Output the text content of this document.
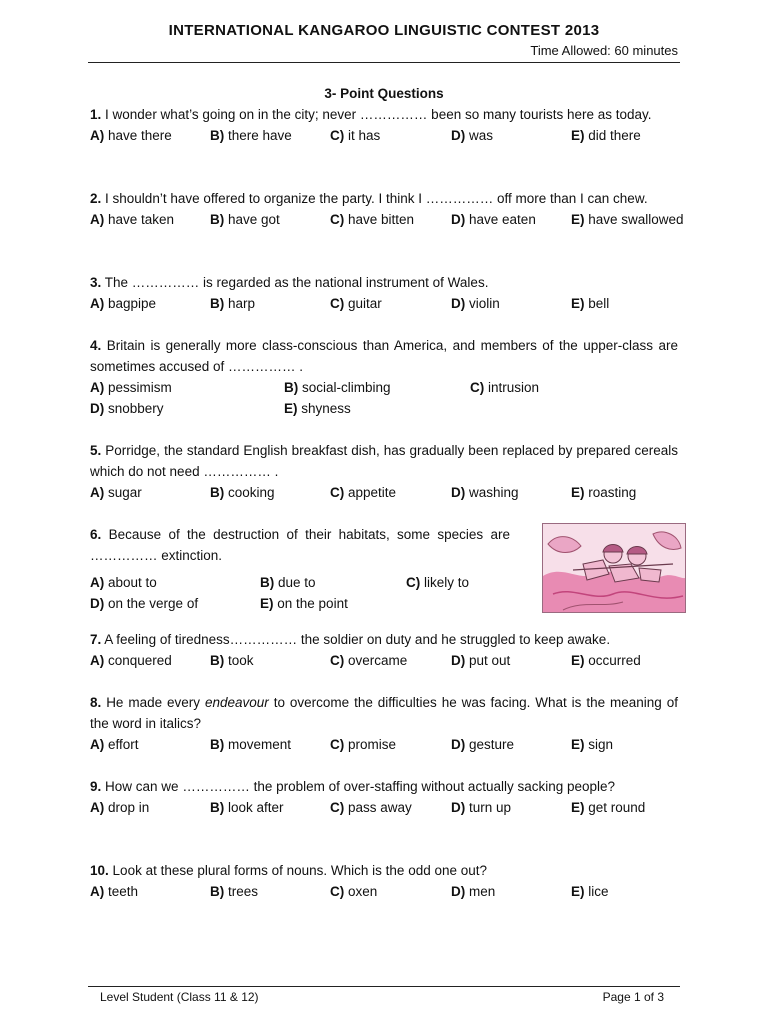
INTERNATIONAL KANGAROO LINGUISTIC CONTEST 2013
Time Allowed: 60 minutes
3- Point Questions
1. I wonder what’s going on in the city; never …………… been so many tourists here as today.
A) have there	B) there have	C) it has	D) was	E) did there
2. I shouldn’t have offered to organize the party. I think I …………… off more than I can chew.
A) have taken	B) have got	C) have bitten	D) have eaten	E) have swallowed
3. The …………… is regarded as the national instrument of Wales.
A) bagpipe	B) harp	C) guitar	D) violin	E) bell
4. Britain is generally more class-conscious than America, and members of the upper-class are sometimes accused of …………… .
A) pessimism	B) social-climbing	C) intrusion
D) snobbery	E) shyness
5. Porridge, the standard English breakfast dish, has gradually been replaced by prepared cereals which do not need …………… .
A) sugar	B) cooking	C) appetite	D) washing	E) roasting
6. Because of the destruction of their habitats, some species are …………… extinction.
A) about to	B) due to	C) likely to
D) on the verge of	E) on the point
7. A feeling of tiredness…………… the soldier on duty and he struggled to keep awake.
A) conquered	B) took	C) overcame	D) put out	E) occurred
8. He made every endeavour to overcome the difficulties he was facing. What is the meaning of the word in italics?
A) effort	B) movement	C) promise	D) gesture	E) sign
9. How can we …………… the problem of over-staffing without actually sacking people?
A) drop in	B) look after	C) pass away	D) turn up	E) get round
10. Look at these plural forms of nouns. Which is the odd one out?
A) teeth	B) trees	C) oxen	D) men	E) lice
Level Student (Class 11 & 12)	Page 1 of 3
